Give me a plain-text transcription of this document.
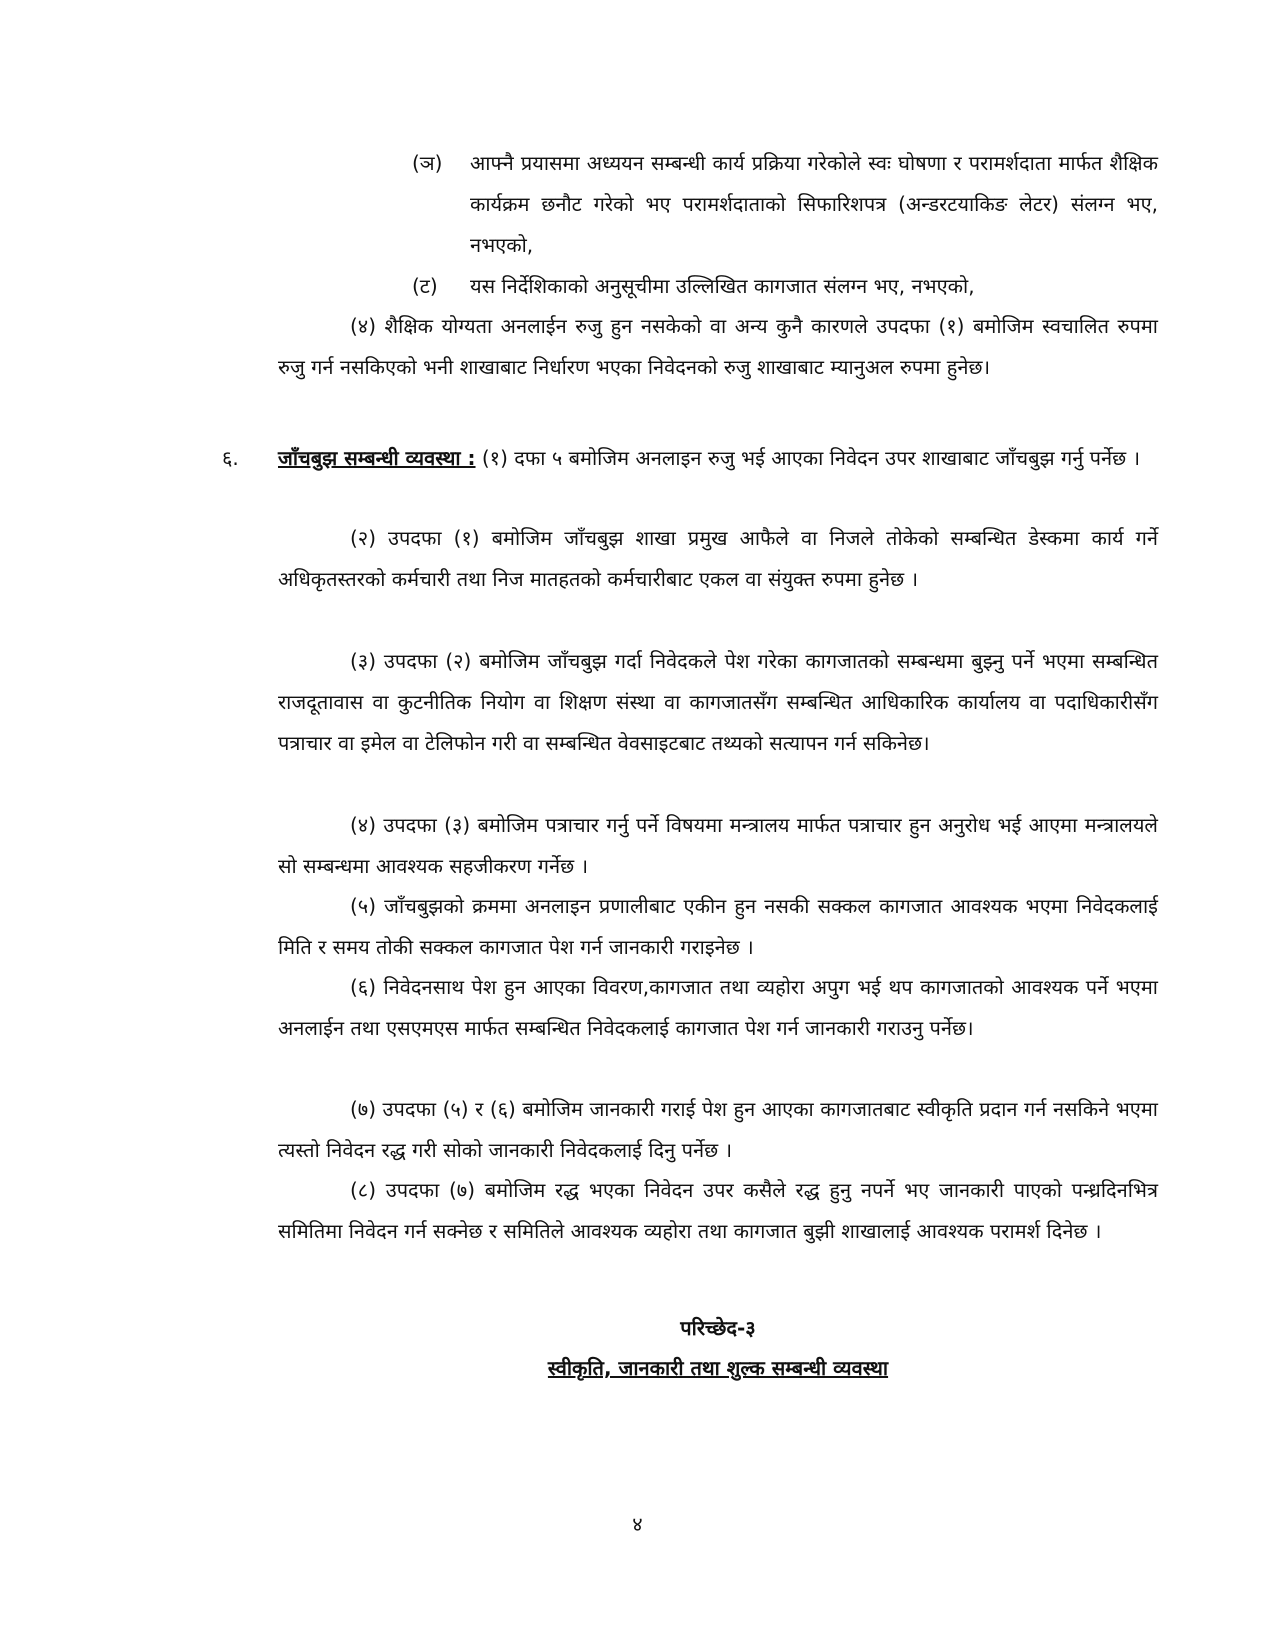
(ञ)	आफ्नै प्रयासमा अध्ययन सम्बन्धी कार्य प्रक्रिया गरेकोले स्वः घोषणा र परामर्शदाता मार्फत शैक्षिक कार्यक्रम छनौट गरेको भए परामर्शदाताको सिफारिशपत्र (अन्डरटयाकिङ लेटर) संलग्न भए, नभएको,
(ट)	यस निर्देशिकाको अनुसूचीमा उल्लिखित कागजात संलग्न भए, नभएको,

(४) शैक्षिक योग्यता अनलाईन रुजु हुन नसकेको वा अन्य कुनै कारणले उपदफा (१) बमोजिम स्वचालित रुपमा रुजु गर्न नसकिएको भनी शाखाबाट निर्धारण भएका निवेदनको रुजु शाखाबाट म्यानुअल रुपमा हुनेछ।

६. जाँचबुझ सम्बन्धी व्यवस्था : (१) दफा ५ बमोजिम अनलाइन रुजु भई आएका निवेदन उपर शाखाबाट जाँचबुझ गर्नु पर्नेछ ।

(२) उपदफा (१) बमोजिम जाँचबुझ शाखा प्रमुख आफैले वा निजले तोकेको सम्बन्धित डेस्कमा कार्य गर्ने अधिकृतस्तरको कर्मचारी तथा निज मातहतको कर्मचारीबाट एकल वा संयुक्त रुपमा हुनेछ ।

(३) उपदफा (२) बमोजिम जाँचबुझ गर्दा निवेदकले पेश गरेका कागजातको सम्बन्धमा बुझ्नु पर्ने भएमा सम्बन्धित राजदूतावास वा कुटनीतिक नियोग वा शिक्षण संस्था वा कागजातसँग सम्बन्धित आधिकारिक कार्यालय वा पदाधिकारीसँग पत्राचार वा इमेल वा टेलिफोन गरी वा सम्बन्धित वेवसाइटबाट तथ्यको सत्यापन गर्न सकिनेछ।

(४) उपदफा (३) बमोजिम पत्राचार गर्नु पर्ने विषयमा मन्त्रालय मार्फत पत्राचार हुन अनुरोध भई आएमा मन्त्रालयले सो सम्बन्धमा आवश्यक सहजीकरण गर्नेछ ।

(५) जाँचबुझको क्रममा अनलाइन प्रणालीबाट एकीन हुन नसकी सक्कल कागजात आवश्यक भएमा निवेदकलाई मिति र समय तोकी सक्कल कागजात पेश गर्न जानकारी गराइनेछ ।

(६) निवेदनसाथ पेश हुन आएका विवरण,कागजात तथा व्यहोरा अपुग भई थप कागजातको आवश्यक पर्ने भएमा अनलाईन तथा एसएमएस मार्फत सम्बन्धित निवेदकलाई कागजात पेश गर्न जानकारी गराउनु पर्नेछ।

(७) उपदफा (५) र (६) बमोजिम जानकारी गराई पेश हुन आएका कागजातबाट स्वीकृति प्रदान गर्न नसकिने भएमा त्यस्तो निवेदन रद्ध गरी सोको जानकारी निवेदकलाई दिनु पर्नेछ ।

(८) उपदफा (७) बमोजिम रद्ध भएका निवेदन उपर कसैले रद्ध हुनु नपर्ने भए जानकारी पाएको पन्ध्रदिनभित्र समितिमा निवेदन गर्न सक्नेछ र समितिले आवश्यक व्यहोरा तथा कागजात बुझी शाखालाई आवश्यक परामर्श दिनेछ ।

परिच्छेद-३
स्वीकृति, जानकारी तथा शुल्क सम्बन्धी व्यवस्था
४
